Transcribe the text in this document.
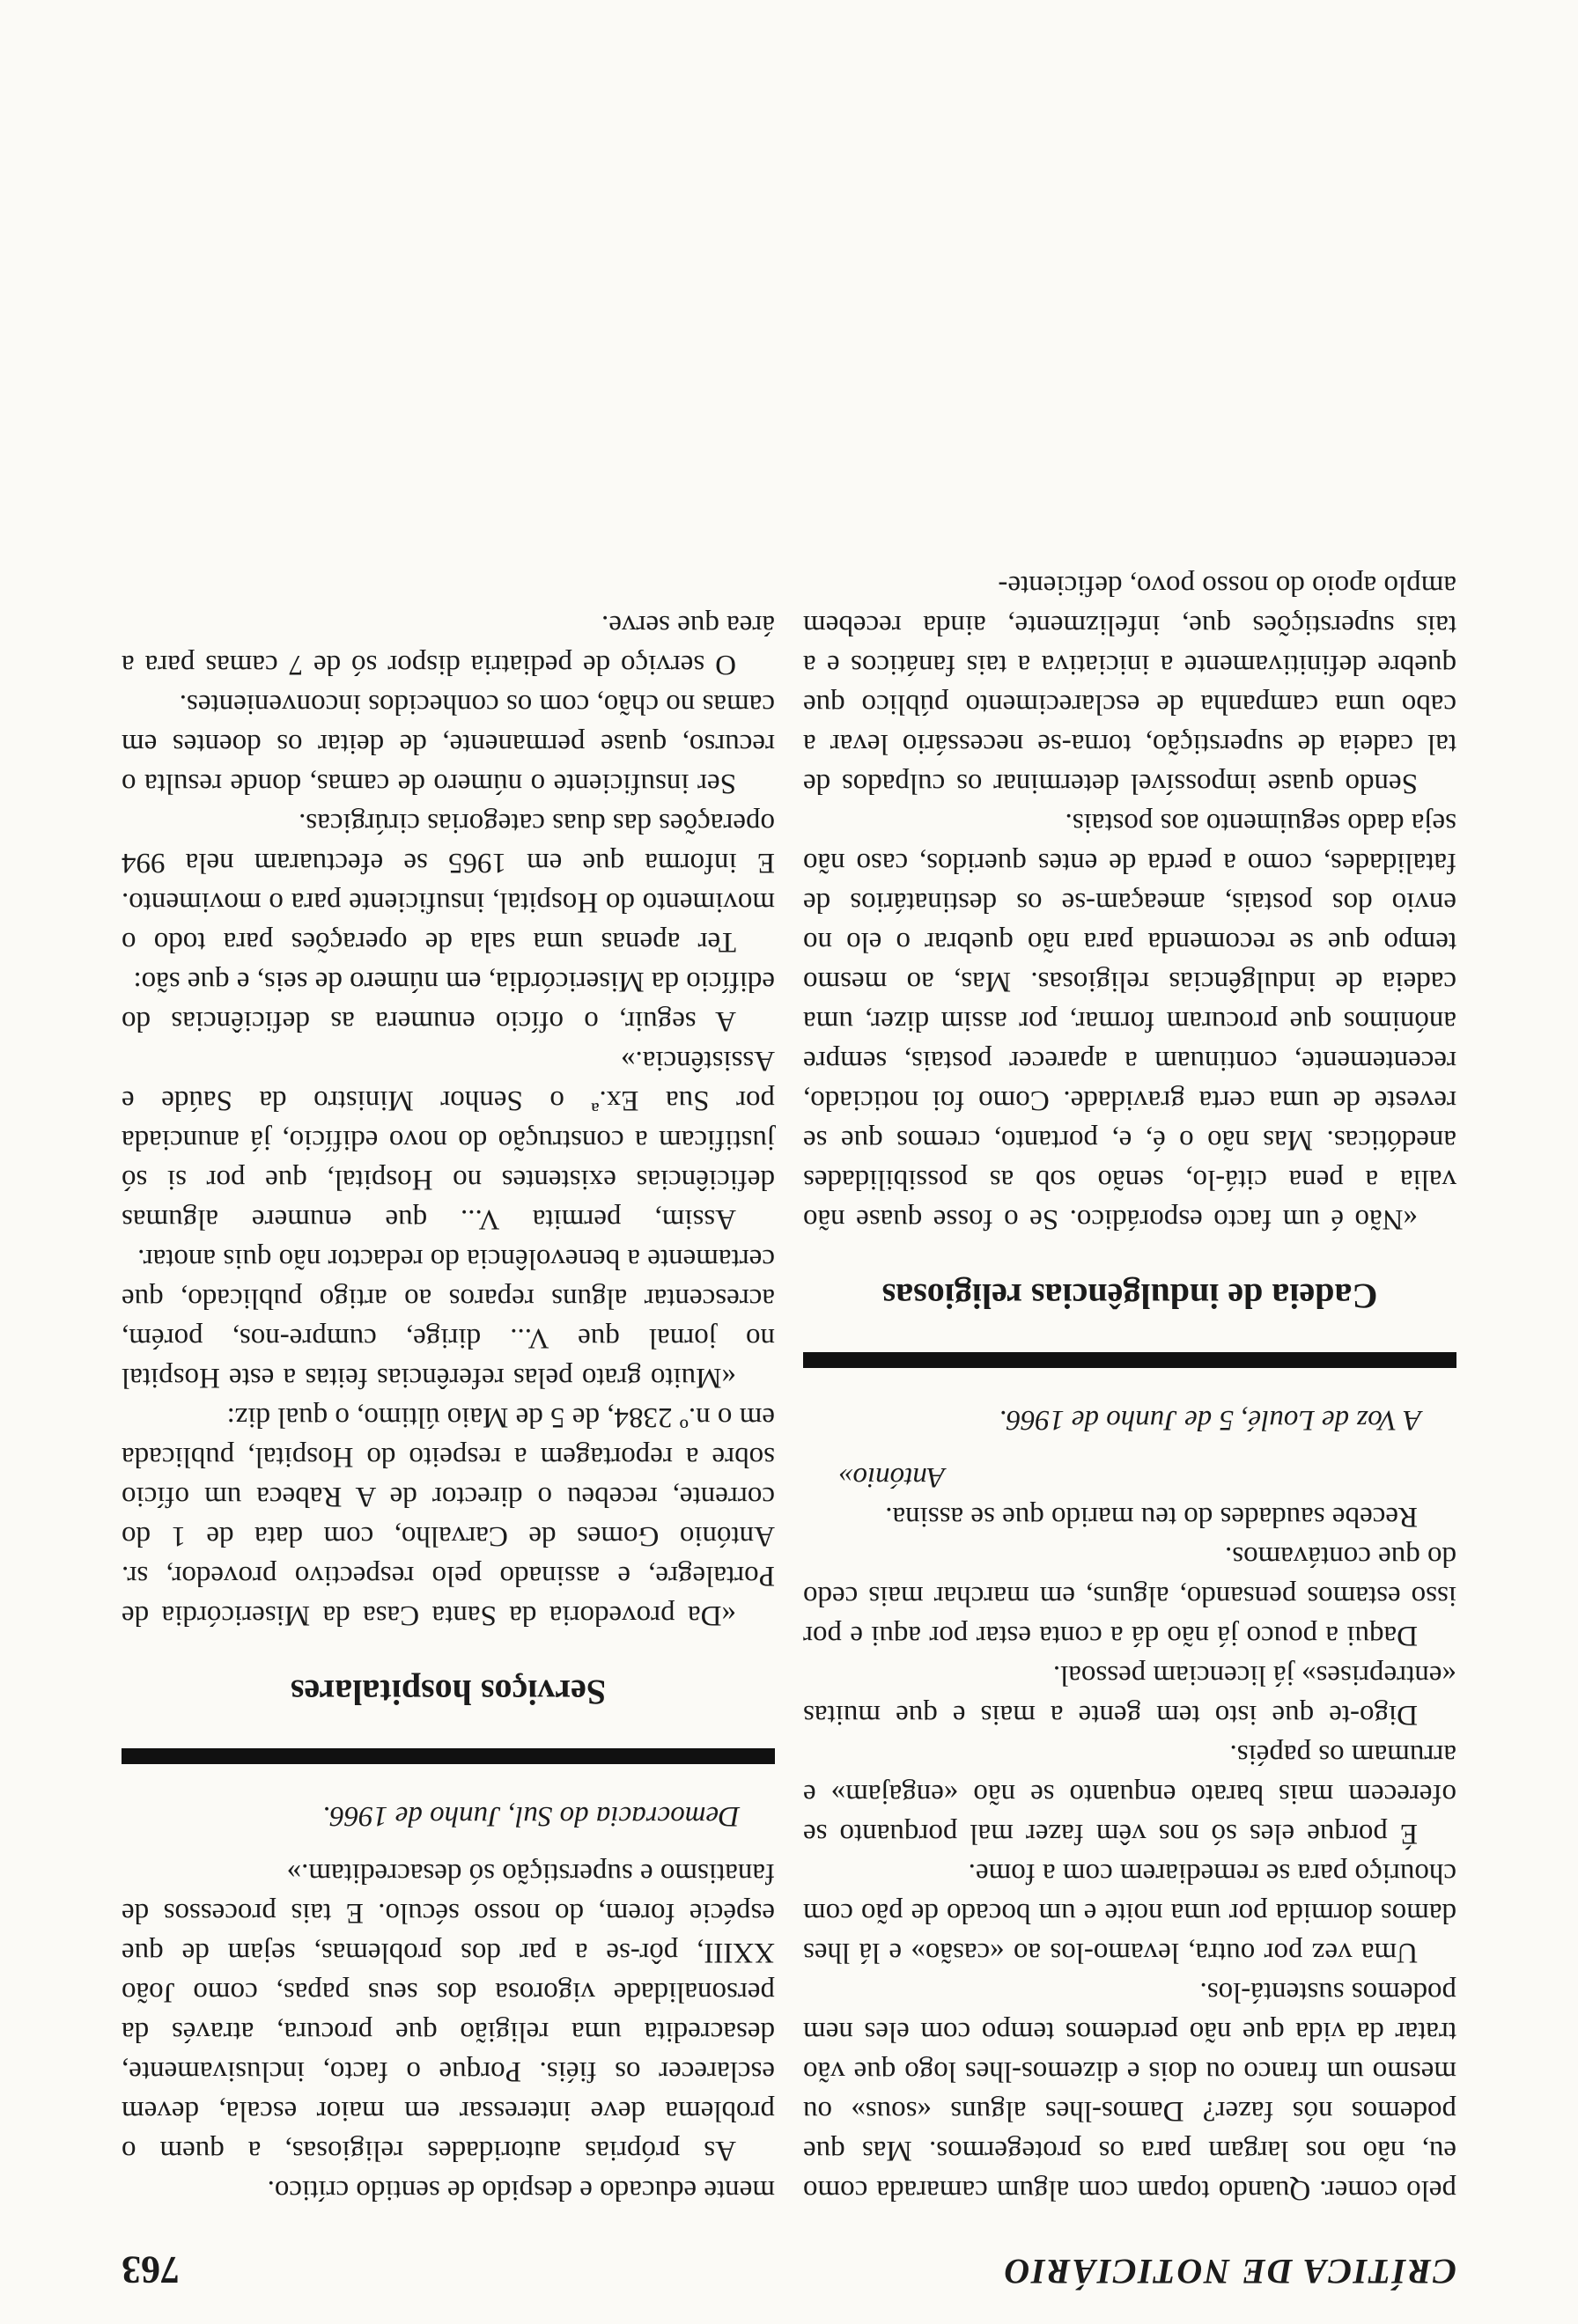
CRÍTICA DE NOTICIÁRIO
763

pelo comer. Quando topam com algum camarada como eu, não nos largam para os protegermos. Mas que podemos nós fazer? Damos-lhes alguns «sous» ou mesmo um franco ou dois e dizemos-lhes logo que vão tratar da vida que não perdemos tempo com eles nem podemos sustentá-los.

Uma vez por outra, levamo-los ao «casão» e lá lhes damos dormida por uma noite e um bocado de pão com chouriço para se remediarem com a fome.

É porque eles só nos vêm fazer mal porquanto se oferecem mais barato enquanto se não «engajam» e arrumam os papéis.

Digo-te que isto tem gente a mais e que muitas «entreprises» já licenciam pessoal.

Daqui a pouco já não dá a conta estar por aqui e por isso estamos pensando, alguns, em marchar mais cedo do que contávamos.

Recebe saudades do teu marido que se assina.

António»
A Voz de Loulé, 5 de Junho de 1966.
Cadeia de indulgências religiosas

«Não é um facto esporádico. Se o fosse quase não valia a pena citá-lo, senão sob as possibilidades anedóticas. Mas não o é, e, portanto, cremos que se reveste de uma certa gravidade. Como foi noticiado, recentemente, continuam a aparecer postais, sempre anónimos que procuram formar, por assim dizer, uma cadeia de indulgências religiosas. Mas, ao mesmo tempo que se recomenda para não quebrar o elo no envio dos postais, ameaçam-se os destinatários de fatalidades, como a perda de entes queridos, caso não seja dado seguimento aos postais.

Sendo quase impossível determinar os culpados de tal cadeia de superstição, torna-se necessário levar a cabo uma campanha de esclarecimento público que quebre definitivamente a iniciativa a tais fanáticos e a tais superstições que, infelizmente, ainda recebem amplo apoio do nosso povo, deficiente-

mente educado e despido de sentido crítico.

As próprias autoridades religiosas, a quem o problema deve interessar em maior escala, devem esclarecer os fiéis. Porque o facto, inclusivamente, desacredita uma religião que procura, através da personalidade vigorosa dos seus papas, como João XXIII, pôr-se a par dos problemas, sejam de que espécie forem, do nosso século. E tais processos de fanatismo e superstição só desacreditam.»

Democracia do Sul, Junho de 1966.
Serviços hospitalares

«Da provedoria da Santa Casa da Misericórdia de Portalegre, e assinado pelo respectivo provedor, sr. António Gomes de Carvalho, com data de 1 do corrente, recebeu o director de A Rabeca um ofício sobre a reportagem a respeito do Hospital, publicada em o n.º 2384, de 5 de Maio último, o qual diz:

«Muito grato pelas referências feitas a este Hospital no jornal que V... dirige, cumpre-nos, porém, acrescentar alguns reparos ao artigo publicado, que certamente a benevolência do redactor não quis anotar.

Assim, permita V... que enumere algumas deficiências existentes no Hospital, que por si só justificam a construção do novo edifício, já anunciada por Sua Ex.ª o Senhor Ministro da Saúde e Assistência.»

A seguir, o ofício enumera as deficiências do edifício da Misericórdia, em número de seis, e que são:

Ter apenas uma sala de operações para todo o movimento do Hospital, insuficiente para o movimento. E informa que em 1965 se efectuaram nela 994 operações das duas categorias cirúrgicas.

Ser insuficiente o número de camas, donde resulta o recurso, quase permanente, de deitar os doentes em camas no chão, com os conhecidos inconvenientes.

O serviço de pediatria dispor só de 7 camas para a área que serve.
